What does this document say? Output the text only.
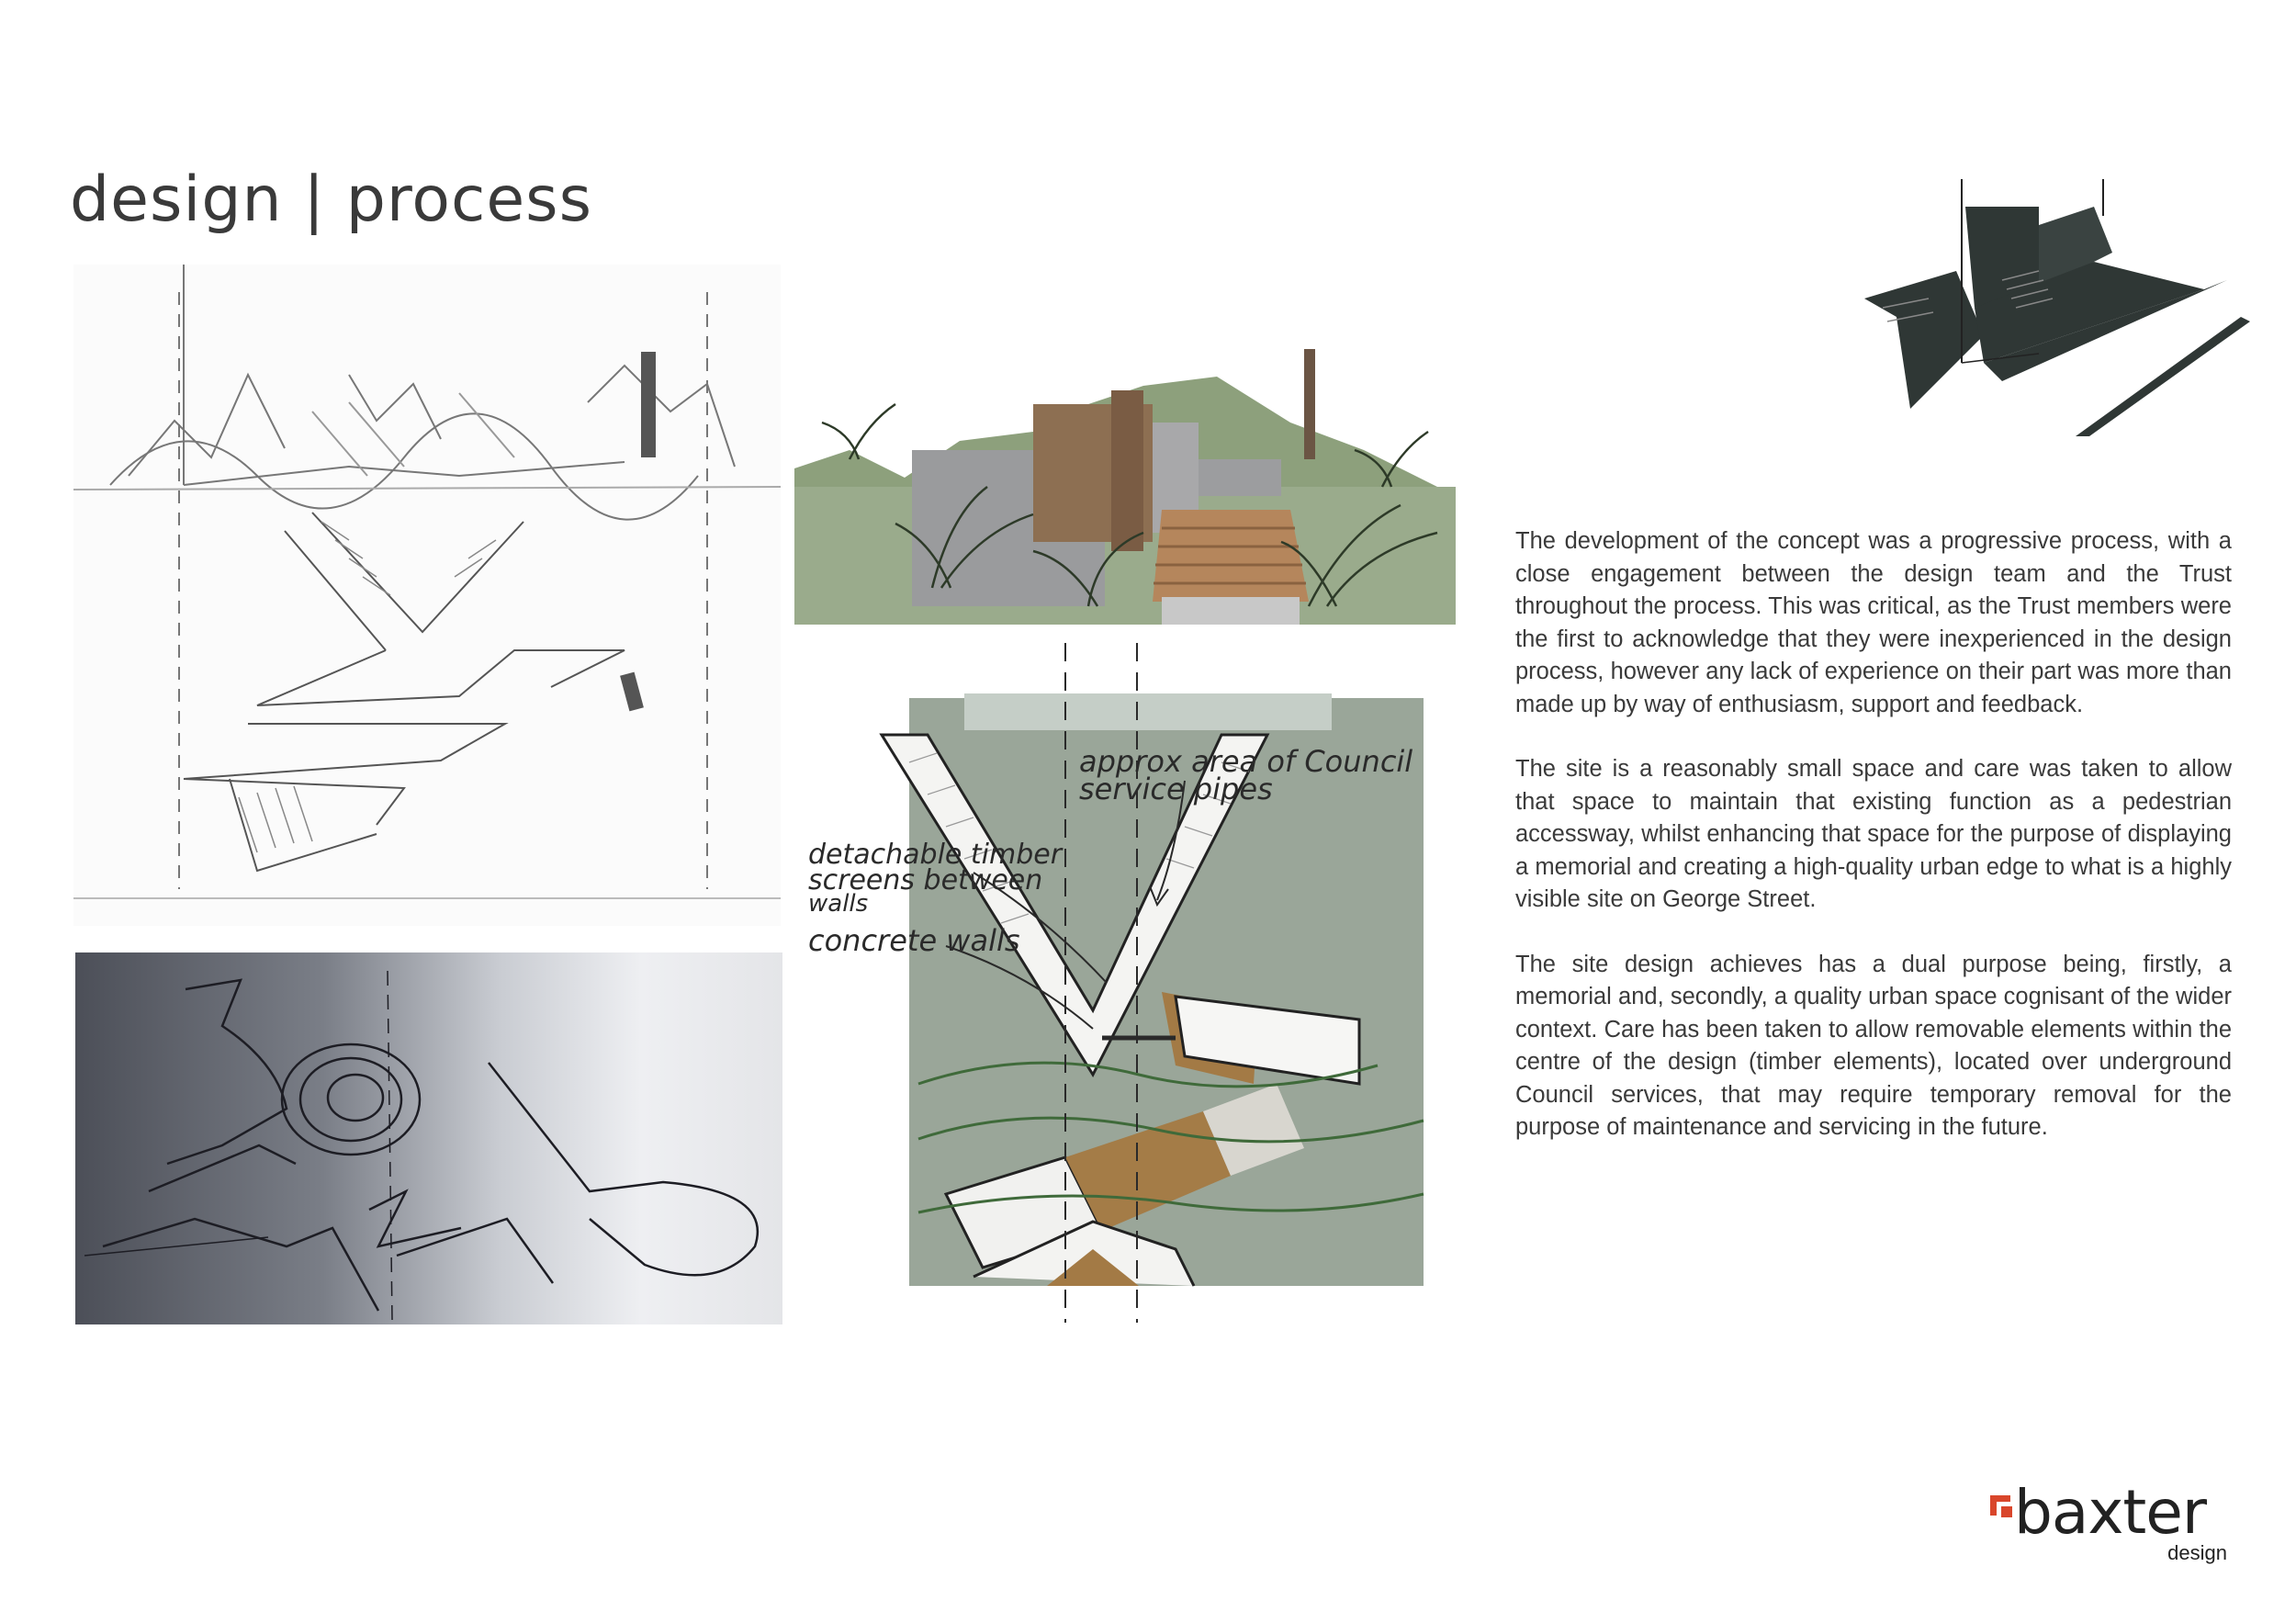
design | process
approx area of Council
service pipes
detachable timber
screens between
walls
concrete walls

The development of the concept was a progressive process, with a close engagement between the design team and the Trust throughout the process. This was critical, as the Trust members were the first to acknowledge that they were inexperienced in the design process, however any lack of experience on their part was more than made up by way of enthusiasm, support and feedback.

The site is a reasonably small space and care was taken to allow that space to maintain that existing function as a pedestrian accessway, whilst enhancing that space for the purpose of displaying a memorial and creating a high-quality urban edge to what is a highly visible site on George Street.

The site design achieves has a dual purpose being, firstly, a memorial and, secondly, a quality urban space cognisant of the wider context. Care has been taken to allow removable elements within the centre of the design (timber elements), located over underground Council services, that may require temporary removal for the purpose of maintenance and servicing in the future.

baxter
design
